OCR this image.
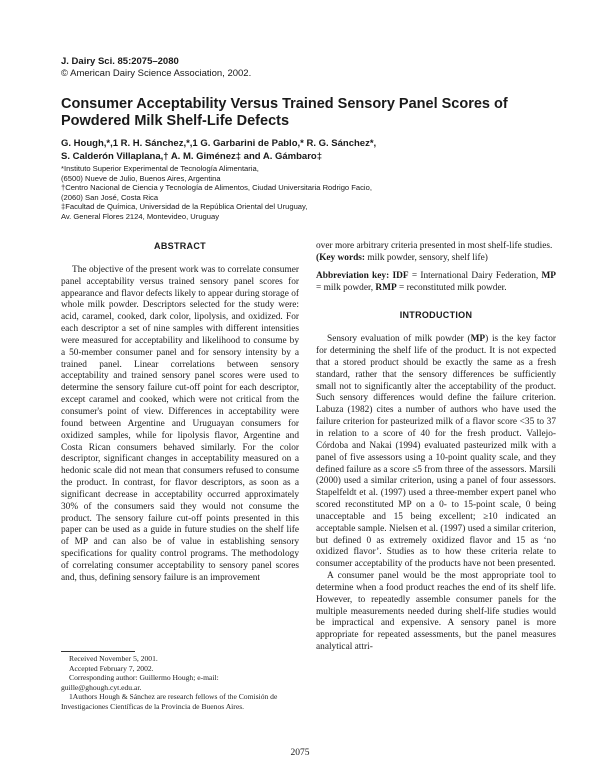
J. Dairy Sci. 85:2075–2080
© American Dairy Science Association, 2002.
Consumer Acceptability Versus Trained Sensory Panel Scores of Powdered Milk Shelf-Life Defects
G. Hough,*,1 R. H. Sánchez,*,1 G. Garbarini de Pablo,* R. G. Sánchez*,
S. Calderón Villaplana,† A. M. Giménez‡ and A. Gámbaro‡
*Instituto Superior Experimental de Tecnología Alimentaria,
(6500) Nueve de Julio, Buenos Aires, Argentina
†Centro Nacional de Ciencia y Tecnología de Alimentos, Ciudad Universitaria Rodrigo Facio,
(2060) San José, Costa Rica
‡Facultad de Química, Universidad de la República Oriental del Uruguay,
Av. General Flores 2124, Montevideo, Uruguay
ABSTRACT

The objective of the present work was to correlate consumer panel acceptability versus trained sensory panel scores for appearance and flavor defects likely to appear during storage of whole milk powder. Descriptors selected for the study were: acid, caramel, cooked, dark color, lipolysis, and oxidized. For each descriptor a set of nine samples with different intensities were measured for acceptability and likelihood to consume by a 50-member consumer panel and for sensory intensity by a trained panel. Linear correlations between sensory acceptability and trained sensory panel scores were used to determine the sensory failure cut-off point for each descriptor, except caramel and cooked, which were not critical from the consumer's point of view. Differences in acceptability were found between Argentine and Uruguayan consumers for oxidized samples, while for lipolysis flavor, Argentine and Costa Rican consumers behaved similarly. For the color descriptor, significant changes in acceptability measured on a hedonic scale did not mean that consumers refused to consume the product. In contrast, for flavor descriptors, as soon as a significant decrease in acceptability occurred approximately 30% of the consumers said they would not consume the product. The sensory failure cut-off points presented in this paper can be used as a guide in future studies on the shelf life of MP and can also be of value in establishing sensory specifications for quality control programs. The methodology of correlating consumer acceptability to sensory panel scores and, thus, defining sensory failure is an improvement

over more arbitrary criteria presented in most shelf-life studies.

(Key words: milk powder, sensory, shelf life)

Abbreviation key: IDF = International Dairy Federation, MP = milk powder, RMP = reconstituted milk powder.

INTRODUCTION

Sensory evaluation of milk powder (MP) is the key factor for determining the shelf life of the product. It is not expected that a stored product should be exactly the same as a fresh standard, rather that the sensory differences be sufficiently small not to significantly alter the acceptability of the product. Such sensory differences would define the failure criterion. Labuza (1982) cites a number of authors who have used the failure criterion for pasteurized milk of a flavor score <35 to 37 in relation to a score of 40 for the fresh product. Vallejo-Córdoba and Nakai (1994) evaluated pasteurized milk with a panel of five assessors using a 10-point quality scale, and they defined failure as a score ≤5 from three of the assessors. Marsili (2000) used a similar criterion, using a panel of four assessors. Stapelfeldt et al. (1997) used a three-member expert panel who scored reconstituted MP on a 0- to 15-point scale, 0 being unacceptable and 15 being excellent; ≥10 indicated an acceptable sample. Nielsen et al. (1997) used a similar criterion, but defined 0 as extremely oxidized flavor and 15 as ‘no oxidized flavor’. Studies as to how these criteria relate to consumer acceptability of the products have not been presented.

A consumer panel would be the most appropriate tool to determine when a food product reaches the end of its shelf life. However, to repeatedly assemble consumer panels for the multiple measurements needed during shelf-life studies would be impractical and expensive. A sensory panel is more appropriate for repeated assessments, but the panel measures analytical attri-

Received November 5, 2001.
Accepted February 7, 2002.
Corresponding author: Guillermo Hough; e-mail: guille@ghough.cyt.edu.ar.
1Authors Hough & Sánchez are research fellows of the Comisión de Investigaciones Científicas de la Provincia de Buenos Aires.
2075
